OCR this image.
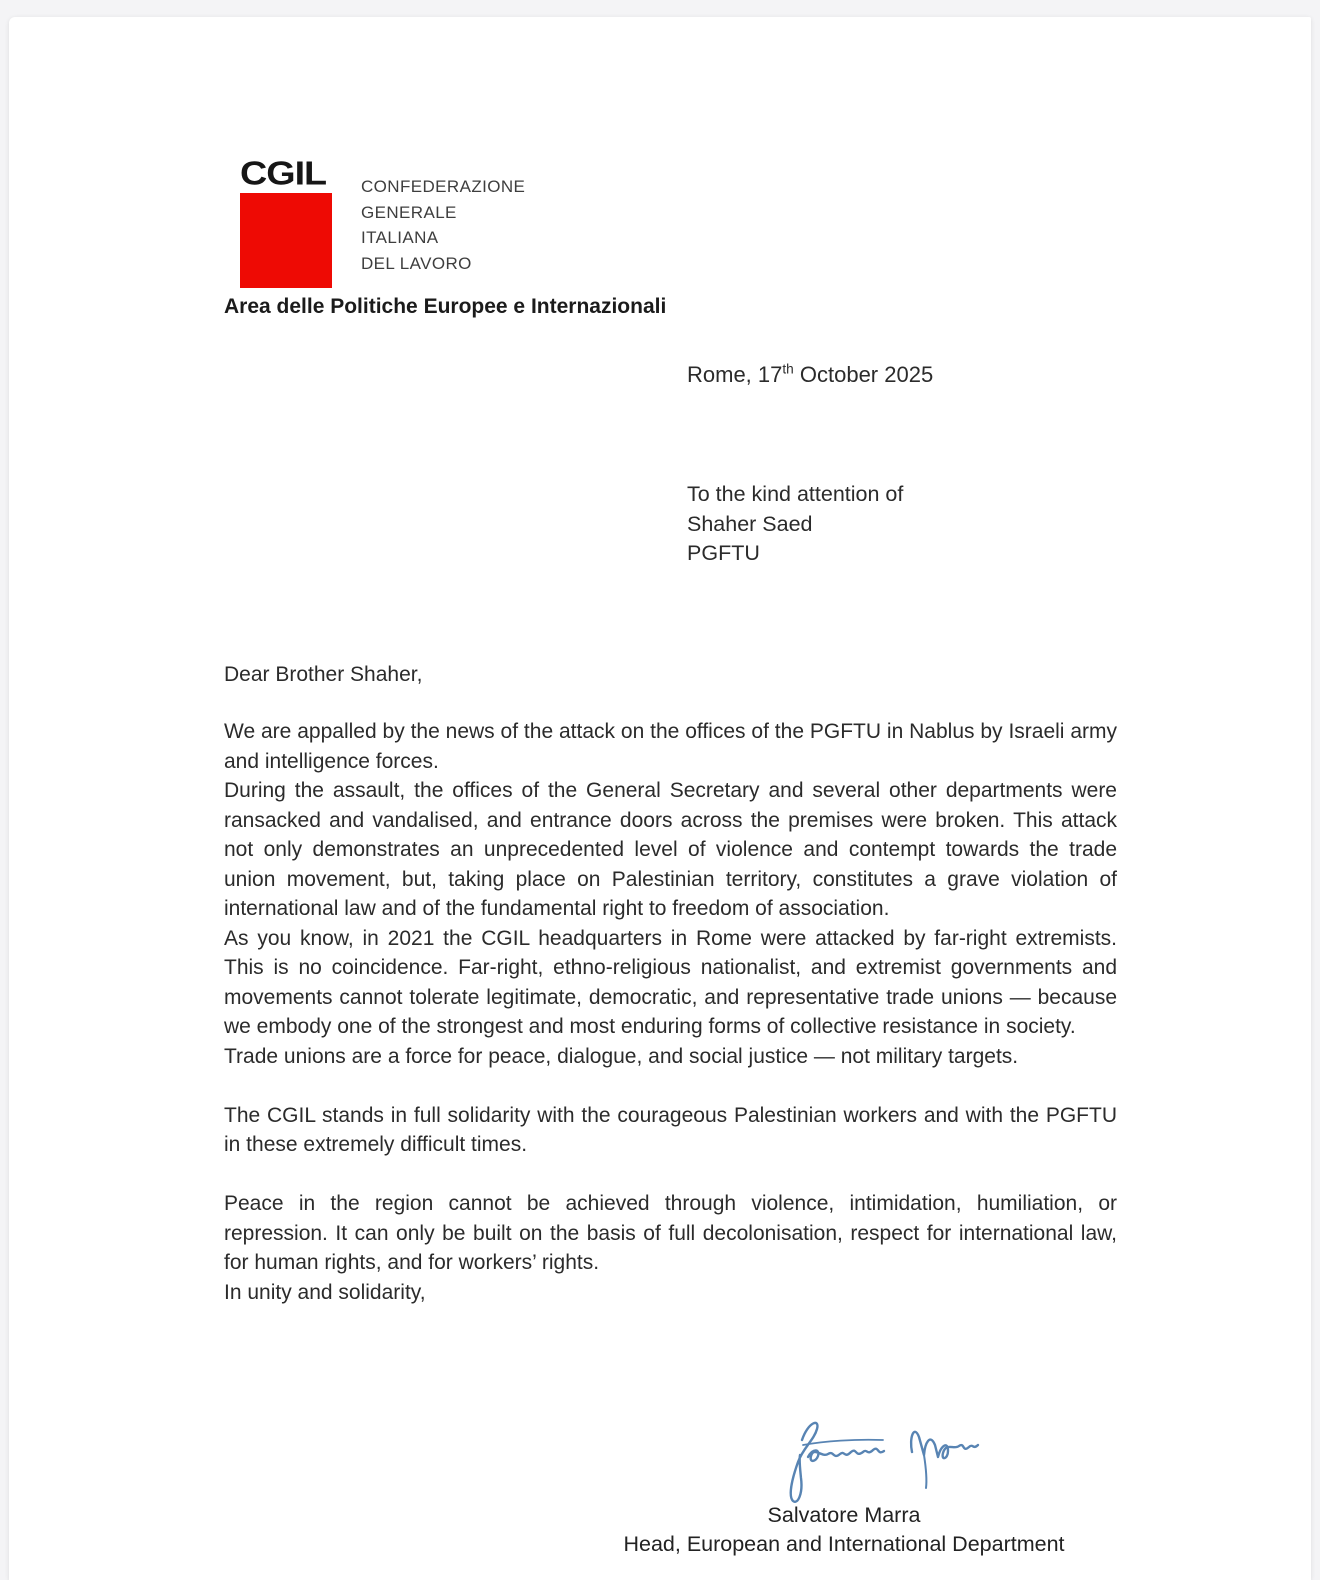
CGIL CONFEDERAZIONE
GENERALE
ITALIANA
DEL LAVORO
Area delle Politiche Europee e Internazionali
Rome, 17th October 2025
To the kind attention of
Shaher Saed
PGFTU
Dear Brother Shaher,

We are appalled by the news of the attack on the offices of the PGFTU in Nablus by Israeli army and intelligence forces.

During the assault, the offices of the General Secretary and several other departments were ransacked and vandalised, and entrance doors across the premises were broken. This attack not only demonstrates an unprecedented level of violence and contempt towards the trade union movement, but, taking place on Palestinian territory, constitutes a grave violation of international law and of the fundamental right to freedom of association.

As you know, in 2021 the CGIL headquarters in Rome were attacked by far-right extremists. This is no coincidence. Far-right, ethno-religious nationalist, and extremist governments and movements cannot tolerate legitimate, democratic, and representative trade unions — because we embody one of the strongest and most enduring forms of collective resistance in society.

Trade unions are a force for peace, dialogue, and social justice — not military targets.

The CGIL stands in full solidarity with the courageous Palestinian workers and with the PGFTU in these extremely difficult times.

Peace in the region cannot be achieved through violence, intimidation, humiliation, or repression. It can only be built on the basis of full decolonisation, respect for international law, for human rights, and for workers’ rights.

In unity and solidarity,

Salvatore Marra
Head, European and International Department
